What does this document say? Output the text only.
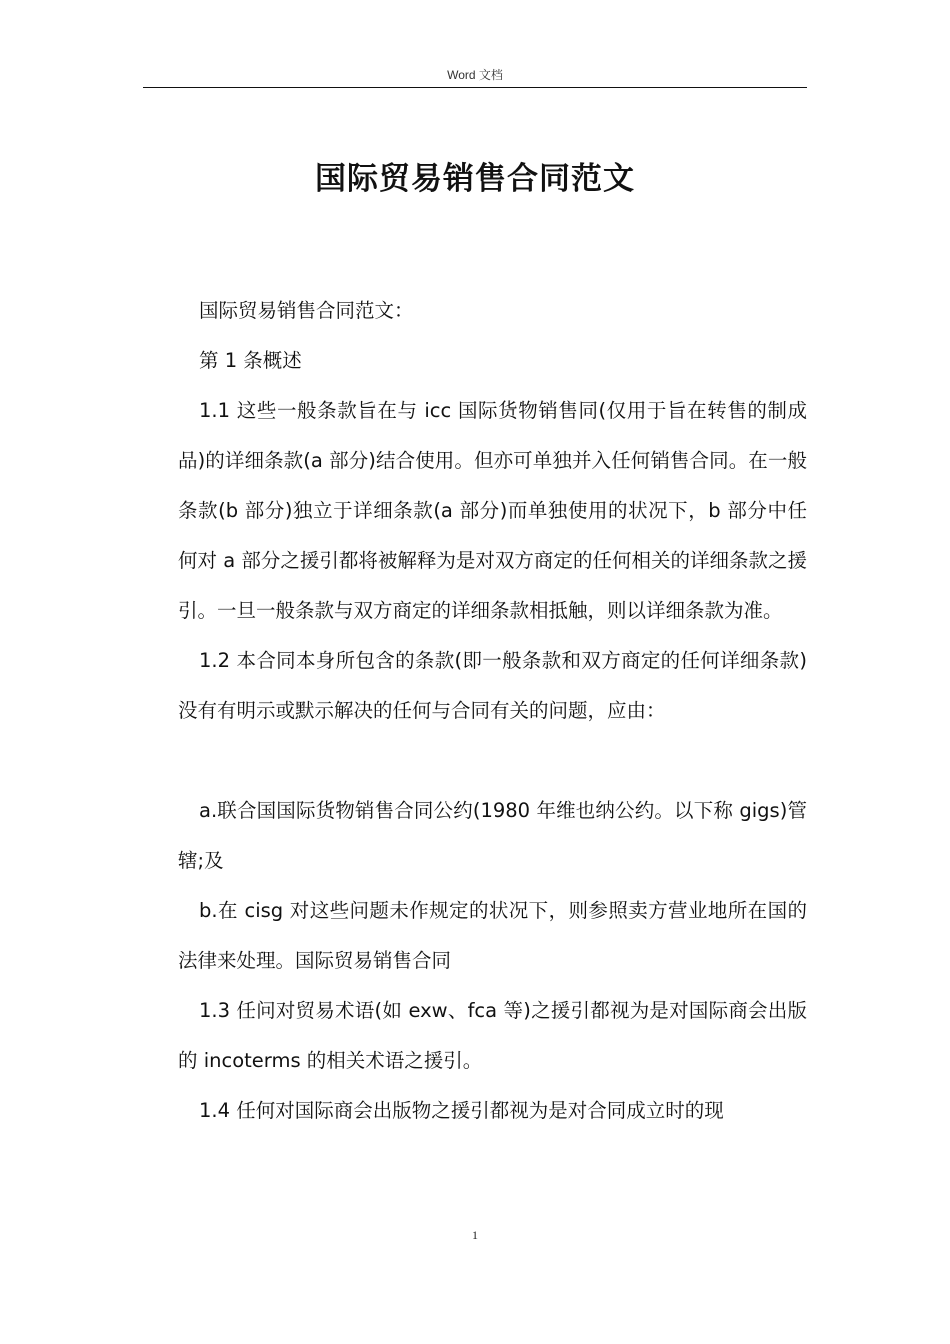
Word 文档
国际贸易销售合同范文

国际贸易销售合同范文：

第 1 条概述

1.1 这些一般条款旨在与 icc 国际货物销售同(仅用于旨在转售的制成品)的详细条款(a 部分)结合使用。但亦可单独并入任何销售合同。在一般条款(b 部分)独立于详细条款(a 部分)而单独使用的状况下，b 部分中任何对 a 部分之援引都将被解释为是对双方商定的任何相关的详细条款之援引。一旦一般条款与双方商定的详细条款相抵触，则以详细条款为准。

1.2 本合同本身所包含的条款(即一般条款和双方商定的任何详细条款)没有有明示或默示解决的任何与合同有关的问题，应由：

a.联合国国际货物销售合同公约(1980 年维也纳公约。以下称 gigs)管辖;及

b.在 cisg 对这些问题未作规定的状况下，则参照卖方营业地所在国的法律来处理。国际贸易销售合同

1.3 任问对贸易术语(如 exw、fca 等)之援引都视为是对国际商会出版的 incoterms 的相关术语之援引。

1.4 任何对国际商会出版物之援引都视为是对合同成立时的现

1
